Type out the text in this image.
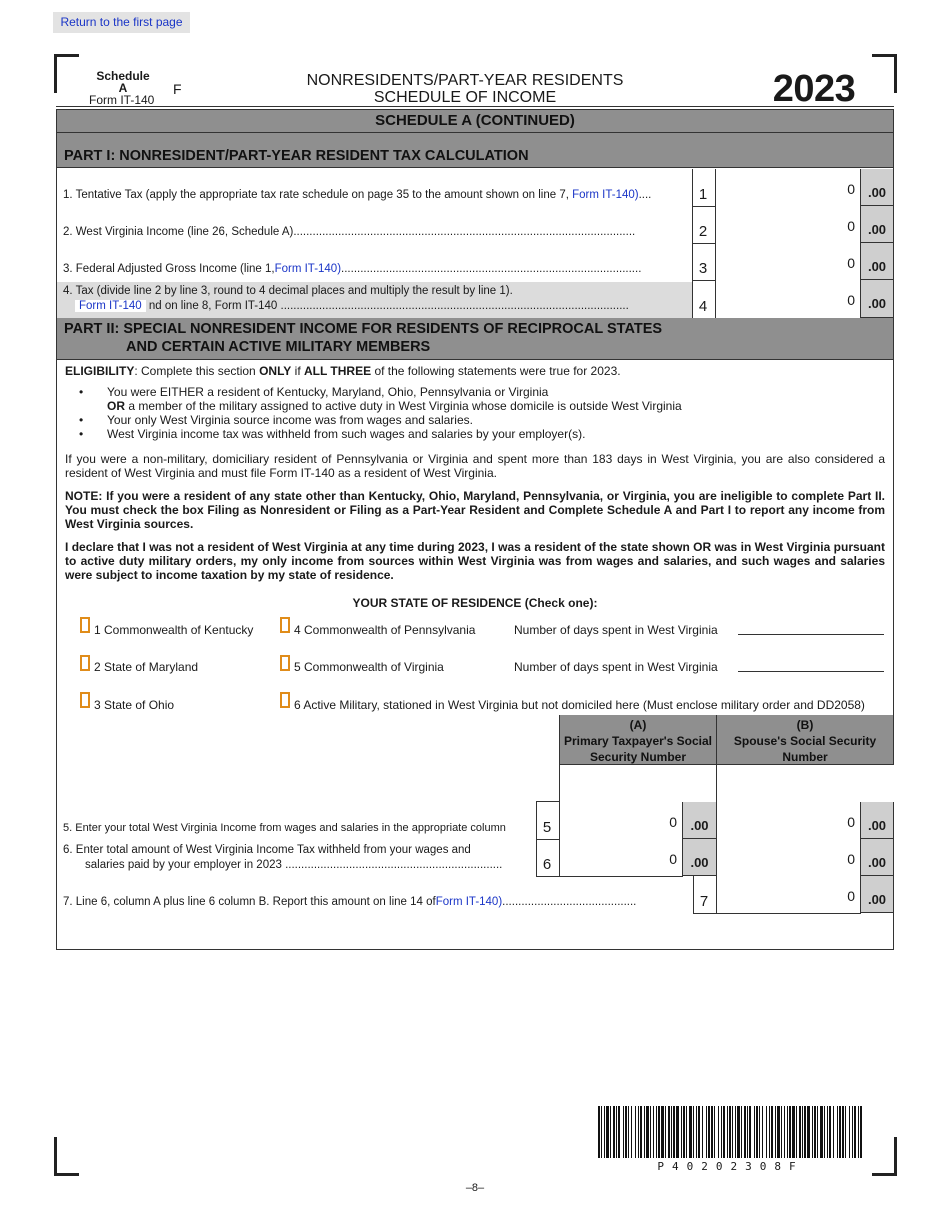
Return to the first page
Schedule
A
Form IT-140
F	NONRESIDENTS/PART-YEAR RESIDENTS
SCHEDULE OF INCOME	2023
SCHEDULE A (CONTINUED)
PART I: NONRESIDENT/PART-YEAR RESIDENT TAX CALCULATION
1. Tentative Tax (apply the appropriate tax rate schedule on page 35 to the amount shown on line 7, Form IT-140)....	1	0 .00
2. West Virginia Income (line 26, Schedule A)...........................................................................................................	2	0 .00
3. Federal Adjusted Gross Income (line 1,Form IT-140)..............................................................................................	3	0 .00
4. Tax (divide line 2 by line 3, round to 4 decimal places and multiply the result by line 1).
Form IT-140 nd on line 8, Form IT-140 .............................................................................................................	4	0 .00
PART II: SPECIAL NONRESIDENT INCOME FOR RESIDENTS OF RECIPROCAL STATES
AND CERTAIN ACTIVE MILITARY MEMBERS
ELIGIBILITY: Complete this section ONLY if ALL THREE of the following statements were true for 2023.
• You were EITHER a resident of Kentucky, Maryland, Ohio, Pennsylvania or Virginia
OR a member of the military assigned to active duty in West Virginia whose domicile is outside West Virginia
• Your only West Virginia source income was from wages and salaries.
• West Virginia income tax was withheld from such wages and salaries by your employer(s).
If you were a non-military, domiciliary resident of Pennsylvania or Virginia and spent more than 183 days in West Virginia, you are also considered a resident of West Virginia and must file Form IT-140 as a resident of West Virginia.
NOTE: If you were a resident of any state other than Kentucky, Ohio, Maryland, Pennsylvania, or Virginia, you are ineligible to complete Part II. You must check the box Filing as Nonresident or Filing as a Part-Year Resident and Complete Schedule A and Part I to report any income from West Virginia sources.
I declare that I was not a resident of West Virginia at any time during 2023, I was a resident of the state shown OR was in West Virginia pursuant to active duty military orders, my only income from sources within West Virginia was from wages and salaries, and such wages and salaries were subject to income taxation by my state of residence.
YOUR STATE OF RESIDENCE (Check one):
1 Commonwealth of Kentucky
2 State of Maryland
3 State of Ohio
4 Commonwealth of Pennsylvania
5 Commonwealth of Virginia
6 Active Military, stationed in West Virginia but not domiciled here (Must enclose military order and DD2058)
Number of days spent in West Virginia
Number of days spent in West Virginia
(A)
Primary Taxpayer's Social
Security Number
(B)
Spouse's Social Security
Number
5. Enter your total West Virginia Income from wages and salaries in the appropriate column	5	0	.00	0 .00
6. Enter total amount of West Virginia Income Tax withheld from your wages and
salaries paid by your employer in 2023 ....................................................................	6	0	.00	0 .00
7. Line 6, column A plus line 6 column B. Report this amount on line 14 ofForm IT-140)..........................................	7	0 .00
P40202308F
–8–
